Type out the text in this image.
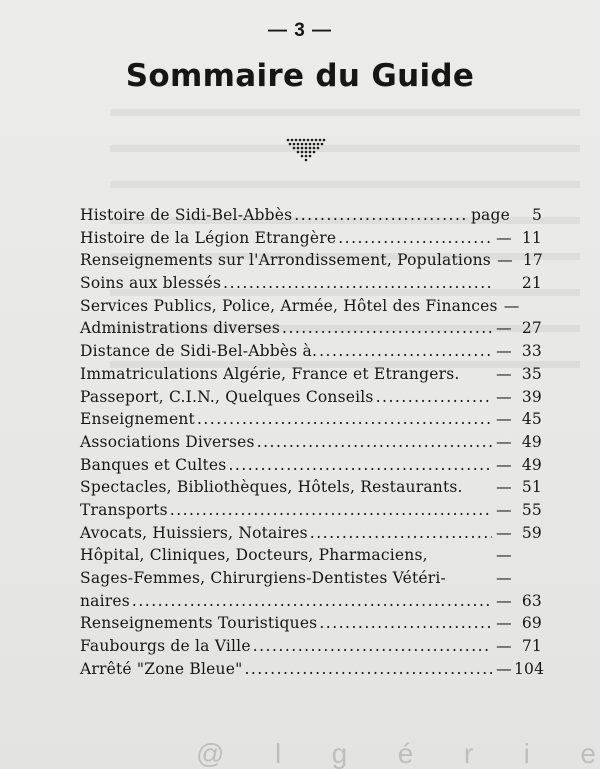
— 3 —
Sommaire du Guide
Histoire de Sidi-Bel-Abbès .....	page	5
Histoire de la Légion Etrangère .....	— 11
Renseignements sur l'Arrondissement, Populations — 17
Soins aux blessés .....	21
Services Publics, Police, Armée, Hôtel des Finances —
Administrations diverses .....	— 27
Distance de Sidi-Bel-Abbès à. .....	— 33
Immatriculations Algérie, France et Etrangers. — 35
Passeport, C.I.N., Quelques Conseils .....	— 39
Enseignement .....	— 45
Associations Diverses .....	— 49
Banques et Cultes .....	— 49
Spectacles, Bibliothèques, Hôtels, Restaurants. — 51
Transports .....	— 55
Avocats, Huissiers, Notaires .....	— 59
Hôpital, Cliniques, Docteurs, Pharmaciens,	—
Sages-Femmes, Chirurgiens-Dentistes Vétéri-	—
naires .....	— 63
Renseignements Touristiques .....	— 69
Faubourgs de la Ville .....	— 71
Arrêté "Zone Bleue" .....	— 104
@ l g é r i e
